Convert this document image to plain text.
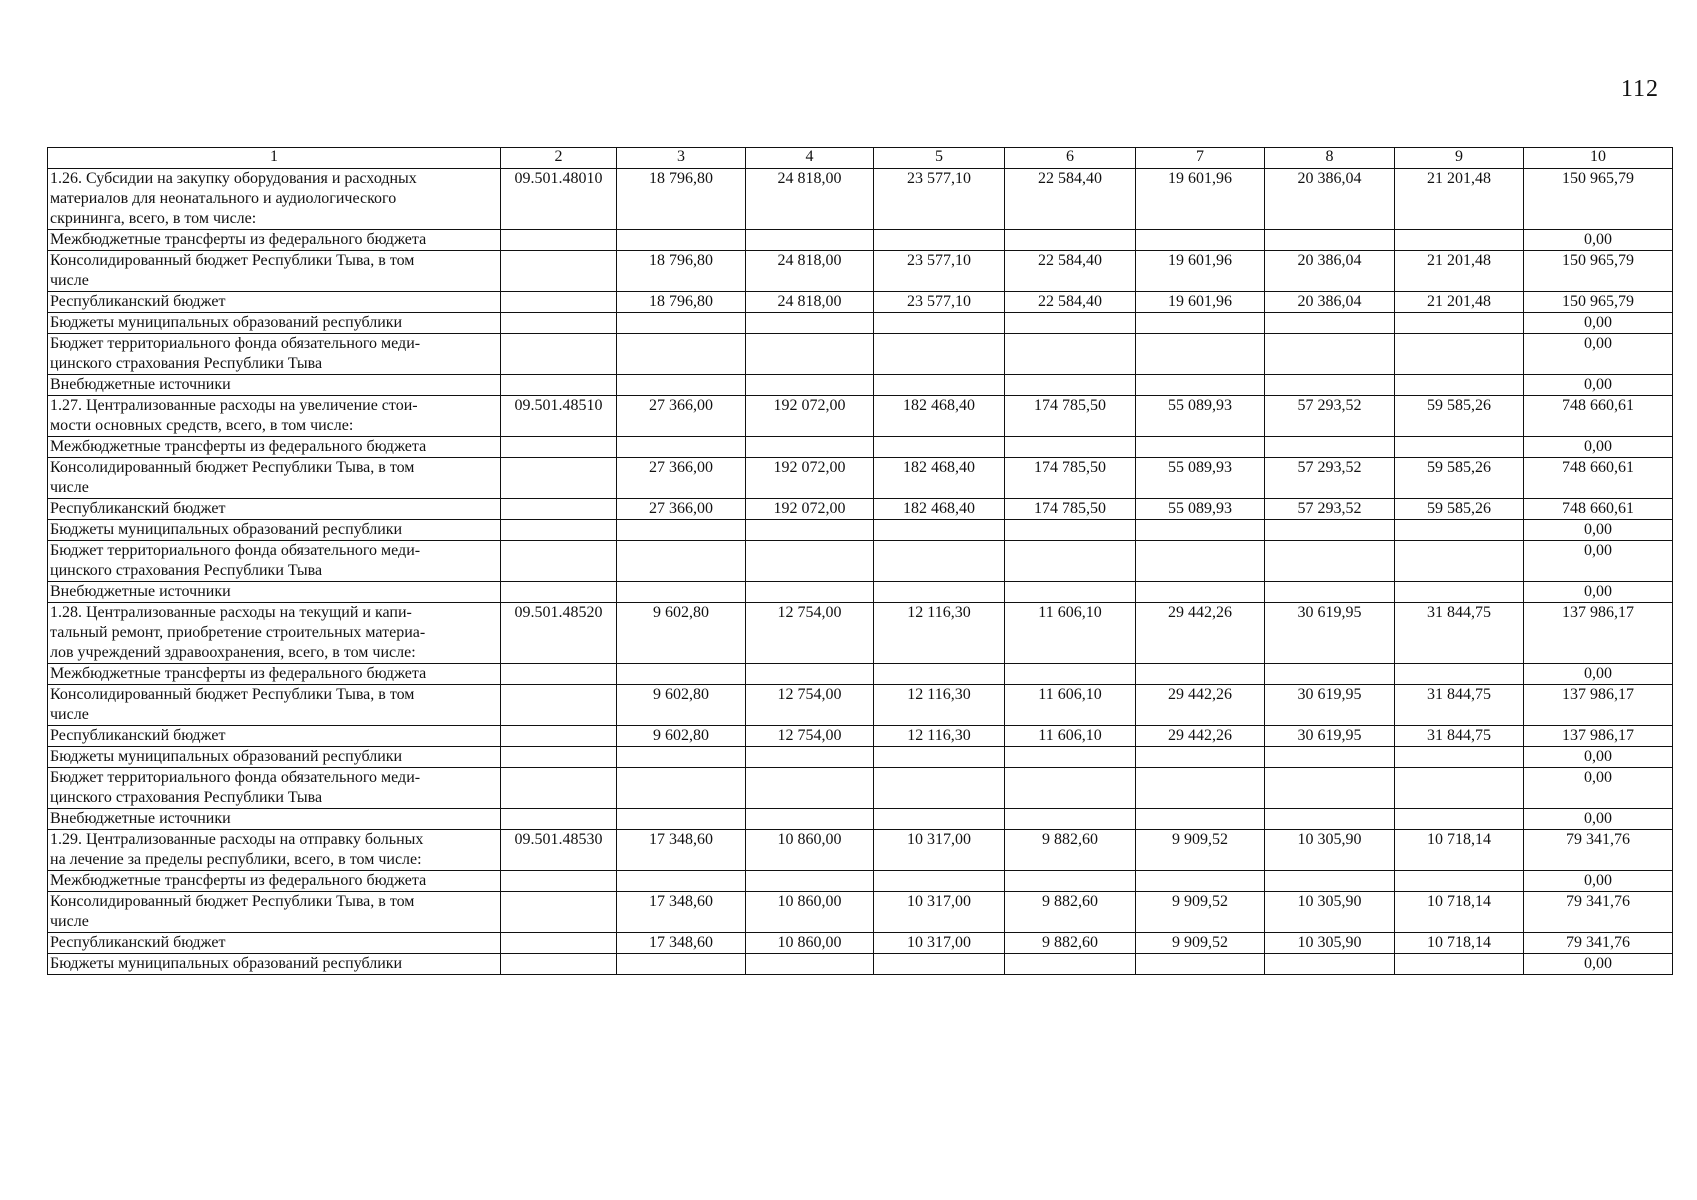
112
1	2	3	4	5	6	7	8	9	10
1.26. Субсидии на закупку оборудования и расходных
материалов для неонатального и аудиологического
скрининга, всего, в том числе:	09.501.48010	18 796,80	24 818,00	23 577,10	22 584,40	19 601,96	20 386,04	21 201,48	150 965,79
Межбюджетные трансферты из федерального бюджета									0,00
Консолидированный бюджет Республики Тыва, в том
числе		18 796,80	24 818,00	23 577,10	22 584,40	19 601,96	20 386,04	21 201,48	150 965,79
Республиканский бюджет		18 796,80	24 818,00	23 577,10	22 584,40	19 601,96	20 386,04	21 201,48	150 965,79
Бюджеты муниципальных образований республики									0,00
Бюджет территориального фонда обязательного меди-
цинского страхования Республики Тыва									0,00
Внебюджетные источники									0,00
1.27. Централизованные расходы на увеличение стои-
мости основных средств, всего, в том числе:	09.501.48510	27 366,00	192 072,00	182 468,40	174 785,50	55 089,93	57 293,52	59 585,26	748 660,61
Межбюджетные трансферты из федерального бюджета									0,00
Консолидированный бюджет Республики Тыва, в том
числе		27 366,00	192 072,00	182 468,40	174 785,50	55 089,93	57 293,52	59 585,26	748 660,61
Республиканский бюджет		27 366,00	192 072,00	182 468,40	174 785,50	55 089,93	57 293,52	59 585,26	748 660,61
Бюджеты муниципальных образований республики									0,00
Бюджет территориального фонда обязательного меди-
цинского страхования Республики Тыва									0,00
Внебюджетные источники									0,00
1.28. Централизованные расходы на текущий и капи-
тальный ремонт, приобретение строительных материа-
лов учреждений здравоохранения, всего, в том числе:	09.501.48520	9 602,80	12 754,00	12 116,30	11 606,10	29 442,26	30 619,95	31 844,75	137 986,17
Межбюджетные трансферты из федерального бюджета									0,00
Консолидированный бюджет Республики Тыва, в том
числе		9 602,80	12 754,00	12 116,30	11 606,10	29 442,26	30 619,95	31 844,75	137 986,17
Республиканский бюджет		9 602,80	12 754,00	12 116,30	11 606,10	29 442,26	30 619,95	31 844,75	137 986,17
Бюджеты муниципальных образований республики									0,00
Бюджет территориального фонда обязательного меди-
цинского страхования Республики Тыва									0,00
Внебюджетные источники									0,00
1.29. Централизованные расходы на отправку больных
на лечение за пределы республики, всего, в том числе:	09.501.48530	17 348,60	10 860,00	10 317,00	9 882,60	9 909,52	10 305,90	10 718,14	79 341,76
Межбюджетные трансферты из федерального бюджета									0,00
Консолидированный бюджет Республики Тыва, в том
числе		17 348,60	10 860,00	10 317,00	9 882,60	9 909,52	10 305,90	10 718,14	79 341,76
Республиканский бюджет		17 348,60	10 860,00	10 317,00	9 882,60	9 909,52	10 305,90	10 718,14	79 341,76
Бюджеты муниципальных образований республики									0,00
